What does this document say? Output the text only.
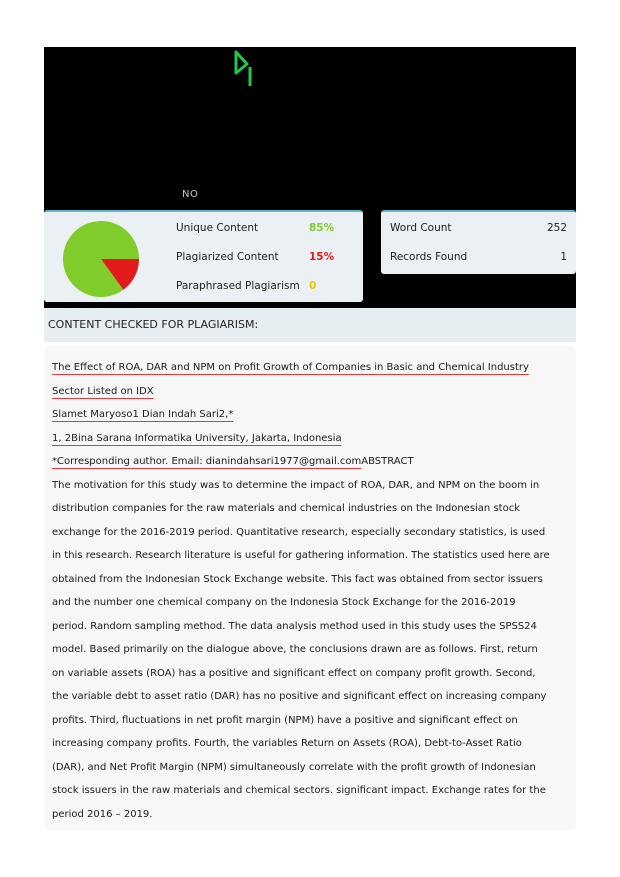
NO
Unique Content	85%
Plagiarized Content	15%
Paraphrased Plagiarism 0
Word Count	252
Records Found	1
CONTENT CHECKED FOR PLAGIARISM:
The Effect of ROA, DAR and NPM on Profit Growth of Companies in Basic and Chemical Industry
Sector Listed on IDX
Slamet Maryoso1 Dian Indah Sari2,*
1, 2Bina Sarana Informatika University, Jakarta, Indonesia
*Corresponding author. Email: dianindahsari1977@gmail.comABSTRACT
The motivation for this study was to determine the impact of ROA, DAR, and NPM on the boom in
distribution companies for the raw materials and chemical industries on the Indonesian stock
exchange for the 2016-2019 period. Quantitative research, especially secondary statistics, is used
in this research. Research literature is useful for gathering information. The statistics used here are
obtained from the Indonesian Stock Exchange website. This fact was obtained from sector issuers
and the number one chemical company on the Indonesia Stock Exchange for the 2016-2019
period. Random sampling method. The data analysis method used in this study uses the SPSS24
model. Based primarily on the dialogue above, the conclusions drawn are as follows. First, return
on variable assets (ROA) has a positive and significant effect on company profit growth. Second,
the variable debt to asset ratio (DAR) has no positive and significant effect on increasing company
profits. Third, fluctuations in net profit margin (NPM) have a positive and significant effect on
increasing company profits. Fourth, the variables Return on Assets (ROA), Debt-to-Asset Ratio
(DAR), and Net Profit Margin (NPM) simultaneously correlate with the profit growth of Indonesian
stock issuers in the raw materials and chemical sectors. significant impact. Exchange rates for the
period 2016 – 2019.
